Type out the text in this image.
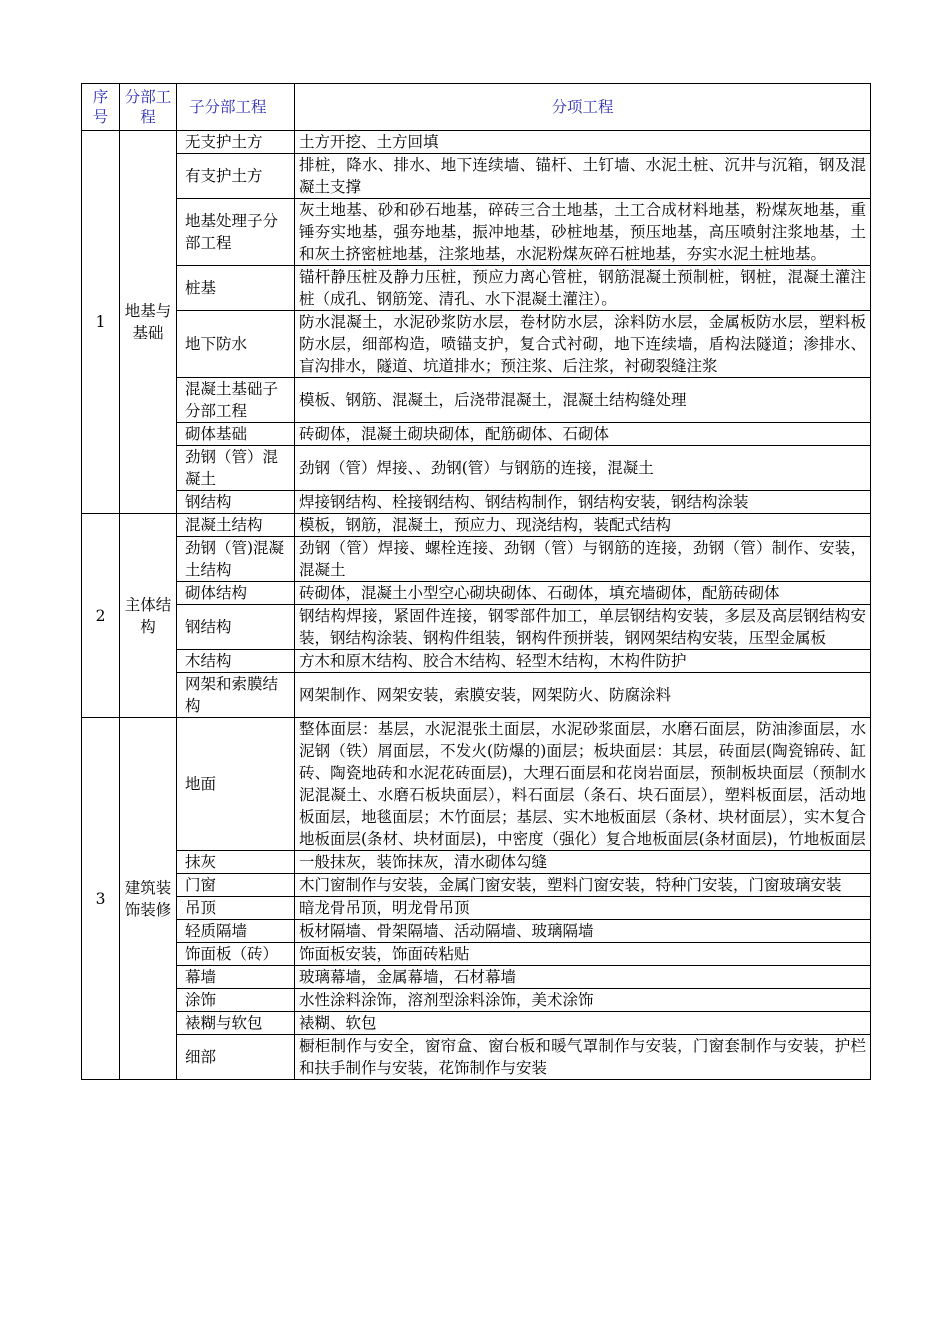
序号	分部工程	子分部工程	分项工程
1	地基与基础	无支护土方	土方开挖、土方回填
		有支护土方	排桩，降水、排水、地下连续墙、锚杆、土钉墙、水泥土桩、沉井与沉箱，钢及混凝土支撑
		地基处理子分部工程	灰土地基、砂和砂石地基，碎砖三合土地基，土工合成材料地基，粉煤灰地基，重锤夯实地基，强夯地基，振冲地基，砂桩地基，预压地基，高压喷射注浆地基，土和灰土挤密桩地基，注浆地基，水泥粉煤灰碎石桩地基，夯实水泥土桩地基。
		桩基	锚杆静压桩及静力压桩，预应力离心管桩，钢筋混凝土预制桩，钢桩，混凝土灌注桩（成孔、钢筋笼、清孔、水下混凝土灌注）。
		地下防水	防水混凝土，水泥砂浆防水层，卷材防水层，涂料防水层，金属板防水层，塑料板防水层，细部构造，喷锚支护，复合式衬砌，地下连续墙，盾构法隧道；渗排水、盲沟排水，隧道、坑道排水；预注浆、后注浆，衬砌裂缝注浆
		混凝土基础子分部工程	模板、钢筋、混凝土，后浇带混凝土，混凝土结构缝处理
		砌体基础	砖砌体，混凝土砌块砌体，配筋砌体、石砌体
		劲钢（管）混凝土	劲钢（管）焊接、、劲钢(管）与钢筋的连接，混凝土
		钢结构	焊接钢结构、栓接钢结构、钢结构制作，钢结构安装，钢结构涂装
2	主体结构	混凝土结构	模板，钢筋，混凝土，预应力、现浇结构，装配式结构
		劲钢（管)混凝土结构	劲钢（管）焊接、螺栓连接、劲钢（管）与钢筋的连接，劲钢（管）制作、安装，混凝土
		砌体结构	砖砌体，混凝土小型空心砌块砌体、石砌体，填充墙砌体，配筋砖砌体
		钢结构	钢结构焊接，紧固件连接，钢零部件加工，单层钢结构安装，多层及高层钢结构安装，钢结构涂装、钢构件组装，钢构件预拼装，钢网架结构安装，压型金属板
		木结构	方木和原木结构、胶合木结构、轻型木结构，木构件防护
		网架和索膜结构	网架制作、网架安装，索膜安装，网架防火、防腐涂料
3	建筑装饰装修	地面	整体面层：基层，水泥混张土面层，水泥砂浆面层，水磨石面层，防油渗面层，水泥钢（铁）屑面层，不发火(防爆的)面层；板块面层：其层，砖面层(陶瓷锦砖、缸砖、陶瓷地砖和水泥花砖面层)，大理石面层和花岗岩面层，预制板块面层（预制水泥混凝土、水磨石板块面层），料石面层（条石、块石面层），塑料板面层，活动地板面层，地毯面层；木竹面层；基层、实木地板面层（条材、块材面层），实木复合地板面层(条材、块材面层)，中密度（强化）复合地板面层(条材面层)，竹地板面层
		抹灰	一般抹灰，装饰抹灰，清水砌体勾缝
		门窗	木门窗制作与安装，金属门窗安装，塑料门窗安装，特种门安装，门窗玻璃安装
		吊顶	暗龙骨吊顶，明龙骨吊顶
		轻质隔墙	板材隔墙、骨架隔墙、活动隔墙、玻璃隔墙
		饰面板（砖）	饰面板安装，饰面砖粘贴
		幕墙	玻璃幕墙，金属幕墙，石材幕墙
		涂饰	水性涂料涂饰，溶剂型涂料涂饰，美术涂饰
		裱糊与软包	裱糊、软包
		细部	橱柜制作与安全，窗帘盒、窗台板和暖气罩制作与安装，门窗套制作与安装，护栏和扶手制作与安装，花饰制作与安装
